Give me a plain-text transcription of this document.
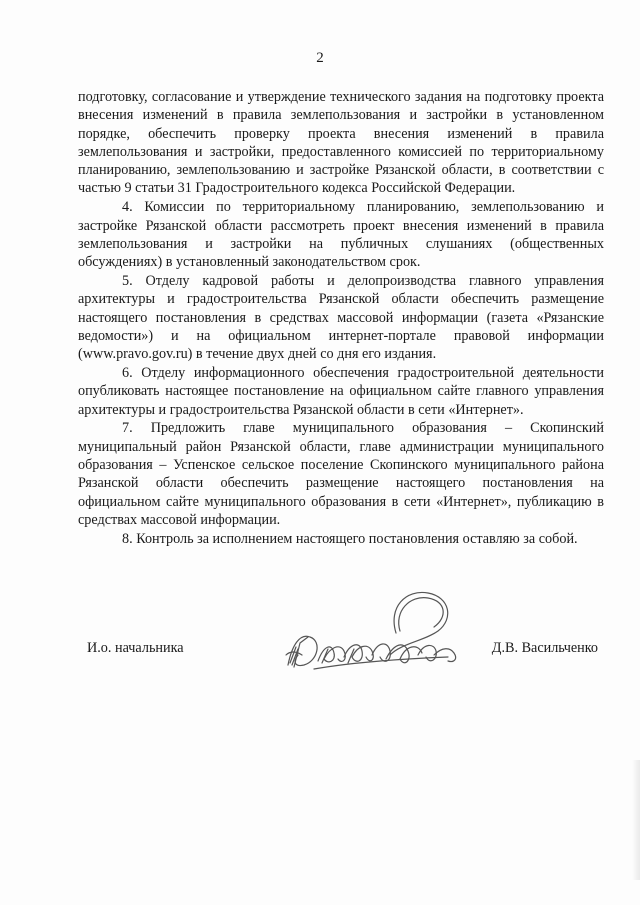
2

подготовку, согласование и утверждение технического задания на подготовку проекта внесения изменений в правила землепользования и застройки в установленном порядке, обеспечить проверку проекта внесения изменений в правила землепользования и застройки, предоставленного комиссией по территориальному планированию, землепользованию и застройке Рязанской области, в соответствии с частью 9 статьи 31 Градостроительного кодекса Российской Федерации.

4. Комиссии по территориальному планированию, землепользованию и застройке Рязанской области рассмотреть проект внесения изменений в правила землепользования и застройки на публичных слушаниях (общественных обсуждениях) в установленный законодательством срок.

5. Отделу кадровой работы и делопроизводства главного управления архитектуры и градостроительства Рязанской области обеспечить размещение настоящего постановления в средствах массовой информации (газета «Рязанские ведомости») и на официальном интернет-портале правовой информации (www.pravo.gov.ru) в течение двух дней со дня его издания.

6. Отделу информационного обеспечения градостроительной деятельности опубликовать настоящее постановление на официальном сайте главного управления архитектуры и градостроительства Рязанской области в сети «Интернет».

7. Предложить главе муниципального образования – Скопинский муниципальный район Рязанской области, главе администрации муниципального образования – Успенское сельское поселение Скопинского муниципального района Рязанской области обеспечить размещение настоящего постановления на официальном сайте муниципального образования в сети «Интернет», публикацию в средствах массовой информации.

8. Контроль за исполнением настоящего постановления оставляю за собой.

И.о. начальника	Д.В. Васильченко
